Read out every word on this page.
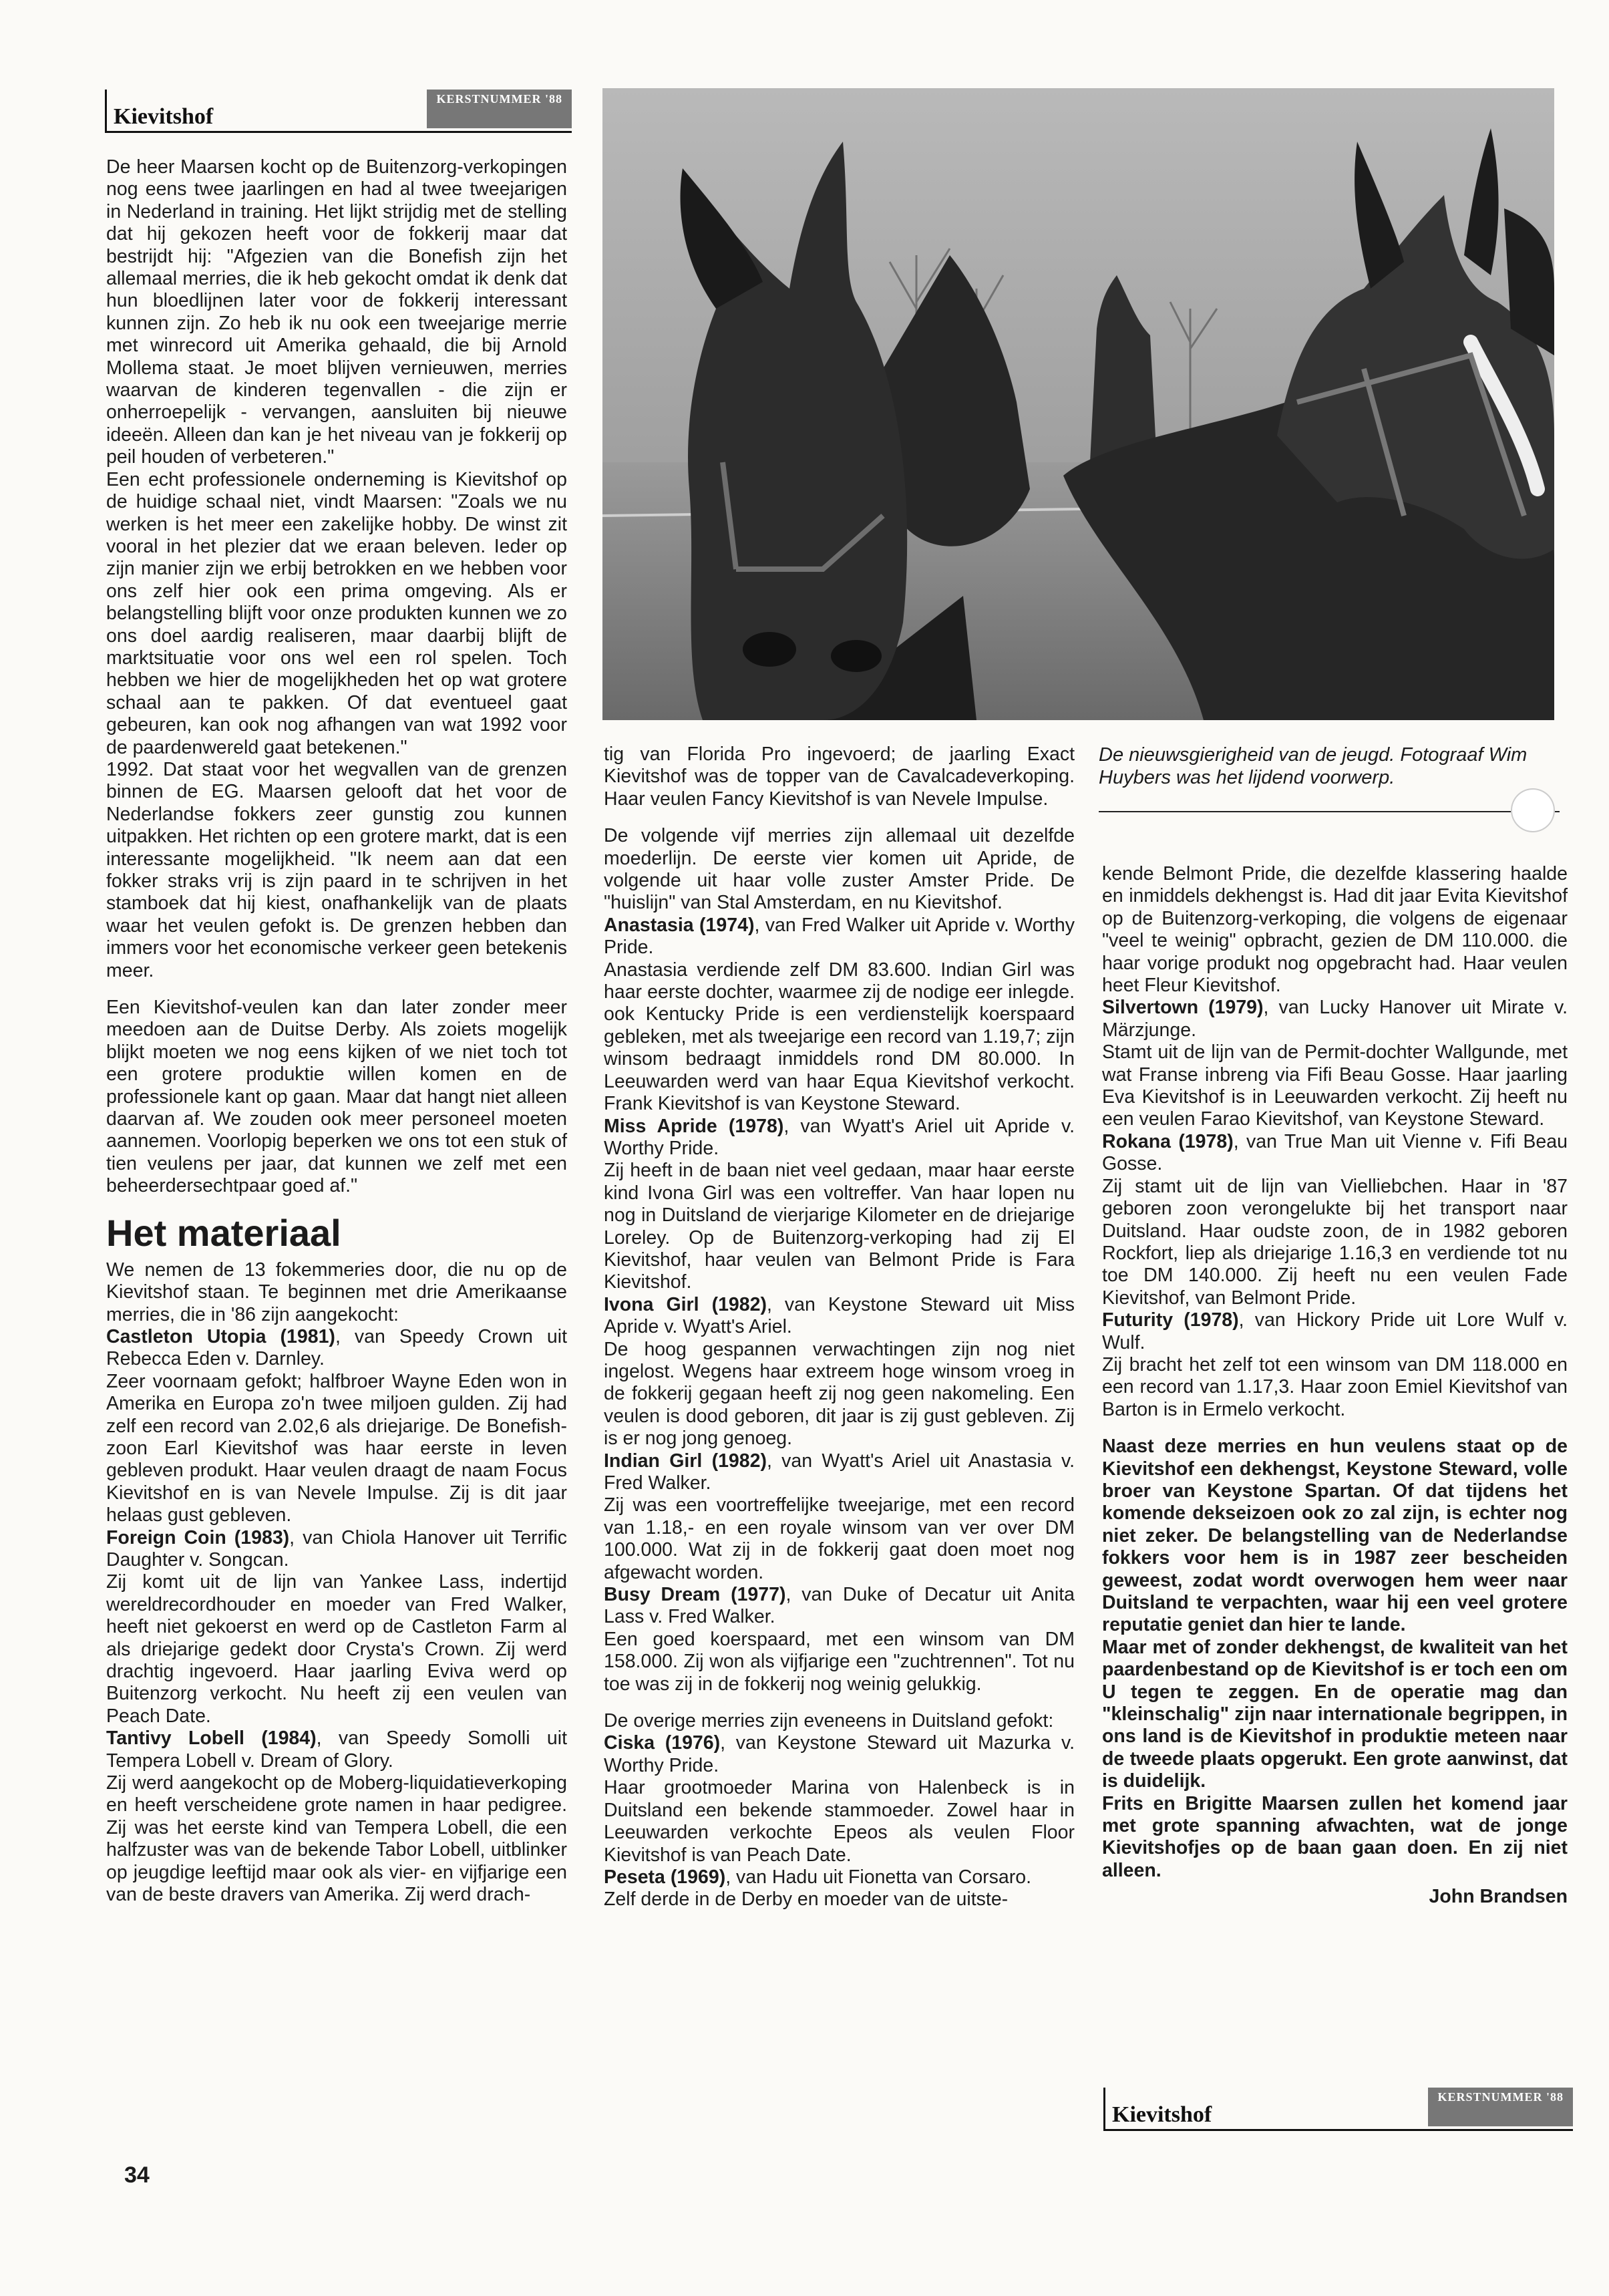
KERSTNUMMER '88
Kievitshof
De nieuwsgierigheid van de jeugd. Fotograaf Wim Huybers was het lijdend voorwerp.

De heer Maarsen kocht op de Buitenzorg-verkopingen nog eens twee jaarlingen en had al twee tweejarigen in Nederland in training. Het lijkt strijdig met de stelling dat hij gekozen heeft voor de fokkerij maar dat bestrijdt hij: "Afgezien van die Bonefish zijn het allemaal merries, die ik heb gekocht omdat ik denk dat hun bloedlijnen later voor de fokkerij interessant kunnen zijn. Zo heb ik nu ook een tweejarige merrie met winrecord uit Amerika gehaald, die bij Arnold Mollema staat. Je moet blijven vernieuwen, merries waarvan de kinderen tegenvallen - die zijn er onherroepelijk - vervangen, aansluiten bij nieuwe ideeën. Alleen dan kan je het niveau van je fokkerij op peil houden of verbeteren."

Een echt professionele onderneming is Kievitshof op de huidige schaal niet, vindt Maarsen: "Zoals we nu werken is het meer een zakelijke hobby. De winst zit vooral in het plezier dat we eraan beleven. Ieder op zijn manier zijn we erbij betrokken en we hebben voor ons zelf hier ook een prima omgeving. Als er belangstelling blijft voor onze produkten kunnen we zo ons doel aardig realiseren, maar daarbij blijft de marktsituatie voor ons wel een rol spelen. Toch hebben we hier de mogelijkheden het op wat grotere schaal aan te pakken. Of dat eventueel gaat gebeuren, kan ook nog afhangen van wat 1992 voor de paardenwereld gaat betekenen."

1992. Dat staat voor het wegvallen van de grenzen binnen de EG. Maarsen gelooft dat het voor de Nederlandse fokkers zeer gunstig zou kunnen uitpakken. Het richten op een grotere markt, dat is een interessante mogelijkheid. "Ik neem aan dat een fokker straks vrij is zijn paard in te schrijven in het stamboek dat hij kiest, onafhankelijk van de plaats waar het veulen gefokt is. De grenzen hebben dan immers voor het economische verkeer geen betekenis meer.

Een Kievitshof-veulen kan dan later zonder meer meedoen aan de Duitse Derby. Als zoiets mogelijk blijkt moeten we nog eens kijken of we niet toch tot een grotere produktie willen komen en de professionele kant op gaan. Maar dat hangt niet alleen daarvan af. We zouden ook meer personeel moeten aannemen. Voorlopig beperken we ons tot een stuk of tien veulens per jaar, dat kunnen we zelf met een beheerdersechtpaar goed af."

Het materiaal

We nemen de 13 fokemmeries door, die nu op de Kievitshof staan. Te beginnen met drie Amerikaanse merries, die in '86 zijn aangekocht:

Castleton Utopia (1981), van Speedy Crown uit Rebecca Eden v. Darnley.

Zeer voornaam gefokt; halfbroer Wayne Eden won in Amerika en Europa zo'n twee miljoen gulden. Zij had zelf een record van 2.02,6 als driejarige. De Bonefish-zoon Earl Kievitshof was haar eerste in leven gebleven produkt. Haar veulen draagt de naam Focus Kievitshof en is van Nevele Impulse. Zij is dit jaar helaas gust gebleven.

Foreign Coin (1983), van Chiola Hanover uit Terrific Daughter v. Songcan.

Zij komt uit de lijn van Yankee Lass, indertijd wereldrecordhouder en moeder van Fred Walker, heeft niet gekoerst en werd op de Castleton Farm al als driejarige gedekt door Crysta's Crown. Zij werd drachtig ingevoerd. Haar jaarling Eviva werd op Buitenzorg verkocht. Nu heeft zij een veulen van Peach Date.

Tantivy Lobell (1984), van Speedy Somolli uit Tempera Lobell v. Dream of Glory.

Zij werd aangekocht op de Moberg-liquidatieverkoping en heeft verscheidene grote namen in haar pedigree. Zij was het eerste kind van Tempera Lobell, die een halfzuster was van de bekende Tabor Lobell, uitblinker op jeugdige leeftijd maar ook als vier- en vijfjarige een van de beste dravers van Amerika. Zij werd drach-

tig van Florida Pro ingevoerd; de jaarling Exact Kievitshof was de topper van de Cavalcadeverkoping. Haar veulen Fancy Kievitshof is van Nevele Impulse.

De volgende vijf merries zijn allemaal uit dezelfde moederlijn. De eerste vier komen uit Apride, de volgende uit haar volle zuster Amster Pride. De "huislijn" van Stal Amsterdam, en nu Kievitshof.

Anastasia (1974), van Fred Walker uit Apride v. Worthy Pride.

Anastasia verdiende zelf DM 83.600. Indian Girl was haar eerste dochter, waarmee zij de nodige eer inlegde. ook Kentucky Pride is een verdienstelijk koerspaard gebleken, met als tweejarige een record van 1.19,7; zijn winsom bedraagt inmiddels rond DM 80.000. In Leeuwarden werd van haar Equa Kievitshof verkocht. Frank Kievitshof is van Keystone Steward.

Miss Apride (1978), van Wyatt's Ariel uit Apride v. Worthy Pride.

Zij heeft in de baan niet veel gedaan, maar haar eerste kind Ivona Girl was een voltreffer. Van haar lopen nu nog in Duitsland de vierjarige Kilometer en de driejarige Loreley. Op de Buitenzorg-verkoping had zij El Kievitshof, haar veulen van Belmont Pride is Fara Kievitshof.

Ivona Girl (1982), van Keystone Steward uit Miss Apride v. Wyatt's Ariel.

De hoog gespannen verwachtingen zijn nog niet ingelost. Wegens haar extreem hoge winsom vroeg in de fokkerij gegaan heeft zij nog geen nakomeling. Een veulen is dood geboren, dit jaar is zij gust gebleven. Zij is er nog jong genoeg.

Indian Girl (1982), van Wyatt's Ariel uit Anastasia v. Fred Walker.

Zij was een voortreffelijke tweejarige, met een record van 1.18,- en een royale winsom van ver over DM 100.000. Wat zij in de fokkerij gaat doen moet nog afgewacht worden.

Busy Dream (1977), van Duke of Decatur uit Anita Lass v. Fred Walker.

Een goed koerspaard, met een winsom van DM 158.000. Zij won als vijfjarige een "zuchtrennen". Tot nu toe was zij in de fokkerij nog weinig gelukkig.

De overige merries zijn eveneens in Duitsland gefokt:

Ciska (1976), van Keystone Steward uit Mazurka v. Worthy Pride.

Haar grootmoeder Marina von Halenbeck is in Duitsland een bekende stammoeder. Zowel haar in Leeuwarden verkochte Epeos als veulen Floor Kievitshof is van Peach Date.

Peseta (1969), van Hadu uit Fionetta van Corsaro.

Zelf derde in de Derby en moeder van de uitste-

kende Belmont Pride, die dezelfde klassering haalde en inmiddels dekhengst is. Had dit jaar Evita Kievitshof op de Buitenzorg-verkoping, die volgens de eigenaar "veel te weinig" opbracht, gezien de DM 110.000. die haar vorige produkt nog opgebracht had. Haar veulen heet Fleur Kievitshof.

Silvertown (1979), van Lucky Hanover uit Mirate v. Märzjunge.

Stamt uit de lijn van de Permit-dochter Wallgunde, met wat Franse inbreng via Fifi Beau Gosse. Haar jaarling Eva Kievitshof is in Leeuwarden verkocht. Zij heeft nu een veulen Farao Kievitshof, van Keystone Steward.

Rokana (1978), van True Man uit Vienne v. Fifi Beau Gosse.

Zij stamt uit de lijn van Vielliebchen. Haar in '87 geboren zoon verongelukte bij het transport naar Duitsland. Haar oudste zoon, de in 1982 geboren Rockfort, liep als driejarige 1.16,3 en verdiende tot nu toe DM 140.000. Zij heeft nu een veulen Fade Kievitshof, van Belmont Pride.

Futurity (1978), van Hickory Pride uit Lore Wulf v. Wulf.

Zij bracht het zelf tot een winsom van DM 118.000 en een record van 1.17,3. Haar zoon Emiel Kievitshof van Barton is in Ermelo verkocht.

Naast deze merries en hun veulens staat op de Kievitshof een dekhengst, Keystone Steward, volle broer van Keystone Spartan. Of dat tijdens het komende dekseizoen ook zo zal zijn, is echter nog niet zeker. De belangstelling van de Nederlandse fokkers voor hem is in 1987 zeer bescheiden geweest, zodat wordt overwogen hem weer naar Duitsland te verpachten, waar hij een veel grotere reputatie geniet dan hier te lande.

Maar met of zonder dekhengst, de kwaliteit van het paardenbestand op de Kievitshof is er toch een om U tegen te zeggen. En de operatie mag dan "kleinschalig" zijn naar internationale begrippen, in ons land is de Kievitshof in produktie meteen naar de tweede plaats opgerukt. Een grote aanwinst, dat is duidelijk.

Frits en Brigitte Maarsen zullen het komend jaar met grote spanning afwachten, wat de jonge Kievitshofjes op de baan gaan doen. En zij niet alleen.

John Brandsen
KERSTNUMMER '88
Kievitshof
34
